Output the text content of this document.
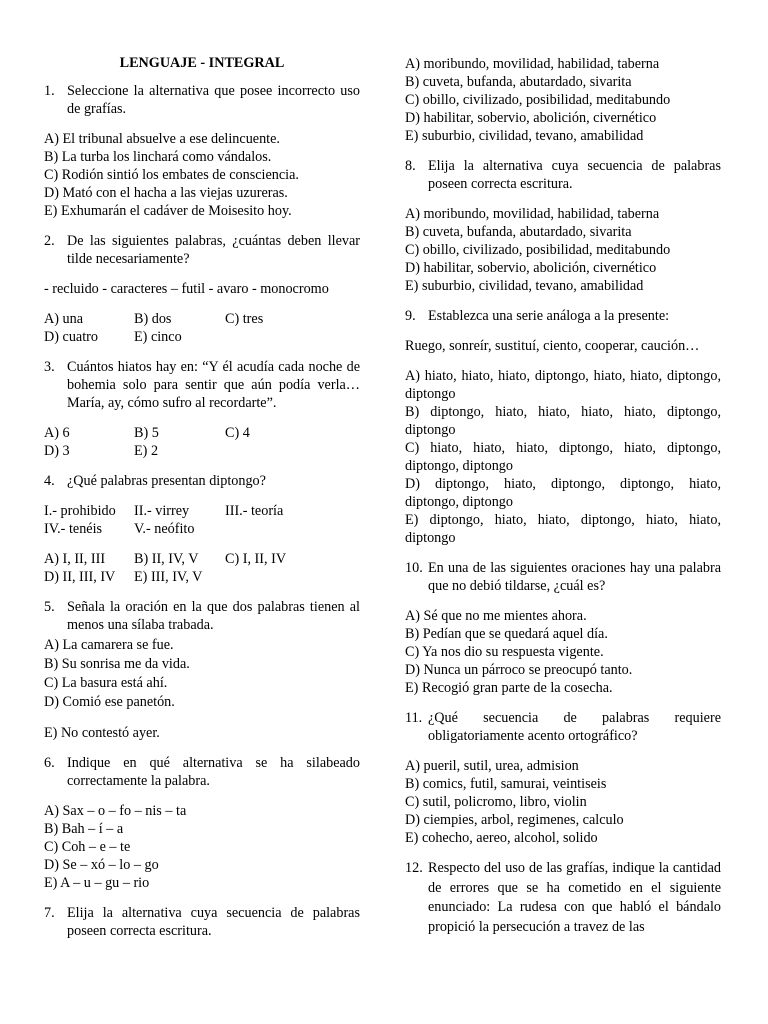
LENGUAJE - INTEGRAL
1. Seleccione la alternativa que posee incorrecto uso de grafías.
A) El tribunal absuelve a ese delincuente.
B) La turba los linchará como vándalos.
C) Rodión sintió los embates de consciencia.
D) Mató con el hacha a las viejas uzureras.
E) Exhumarán el cadáver de Moisesito hoy.
2. De las siguientes palabras, ¿cuántas deben llevar tilde necesariamente?
- recluido - caracteres – futil - avaro - monocromo
A) una	B) dos	C) tres
D) cuatro	E) cinco
3. Cuántos hiatos hay en: “Y él acudía cada noche de bohemia solo para sentir que aún podía verla… María, ay, cómo sufro al recordarte”.
A) 6	B) 5	C) 4
D) 3	E) 2
4. ¿Qué palabras presentan diptongo?
I.- prohibido	II.- virrey	III.- teoría
IV.- tenéis	V.- neófito
A) I, II, III	B) II, IV, V	C) I, II, IV
D) II, III, IV	E) III, IV, V
5. Señala la oración en la que dos palabras tienen al menos una sílaba trabada.
A) La camarera se fue.
B) Su sonrisa me da vida.
C) La basura está ahí.
D) Comió ese panetón.
E) No contestó ayer.
6. Indique en qué alternativa se ha silabeado correctamente la palabra.
A) Sax – o – fo – nis – ta
B) Bah – í – a
C) Coh – e – te
D) Se – xó – lo – go
E) A – u – gu – rio
7. Elija la alternativa cuya secuencia de palabras poseen correcta escritura.
A) moribundo, movilidad, habilidad, taberna
B) cuveta, bufanda, abutardado, sivarita
C) obillo, civilizado, posibilidad, meditabundo
D) habilitar, sobervio, abolición, civernético
E) suburbio, civilidad, tevano, amabilidad
8. Elija la alternativa cuya secuencia de palabras poseen correcta escritura.
A) moribundo, movilidad, habilidad, taberna
B) cuveta, bufanda, abutardado, sivarita
C) obillo, civilizado, posibilidad, meditabundo
D) habilitar, sobervio, abolición, civernético
E) suburbio, civilidad, tevano, amabilidad
9. Establezca una serie análoga a la presente:
Ruego, sonreír, sustituí, ciento, cooperar, caución…
A) hiato, hiato, hiato, diptongo, hiato, hiato, diptongo, diptongo
B) diptongo, hiato, hiato, hiato, hiato, diptongo, diptongo
C) hiato, hiato, hiato, diptongo, hiato, diptongo, diptongo, diptongo
D) diptongo, hiato, diptongo, diptongo, hiato, diptongo, diptongo
E) diptongo, hiato, hiato, diptongo, hiato, hiato, diptongo
10. En una de las siguientes oraciones hay una palabra que no debió tildarse, ¿cuál es?
A) Sé que no me mientes ahora.
B) Pedían que se quedará aquel día.
C) Ya nos dio su respuesta vigente.
D) Nunca un párroco se preocupó tanto.
E) Recogió gran parte de la cosecha.
11. ¿Qué secuencia de palabras requiere obligatoriamente acento ortográfico?
A) pueril, sutil, urea, admision
B) comics, futil, samurai, veintiseis
C) sutil, policromo, libro, violin
D) ciempies, arbol, regimenes, calculo
E) cohecho, aereo, alcohol, solido
12. Respecto del uso de las grafías, indique la cantidad de errores que se ha cometido en el siguiente enunciado: La rudesa con que habló el bándalo propició la persecución a travez de las
